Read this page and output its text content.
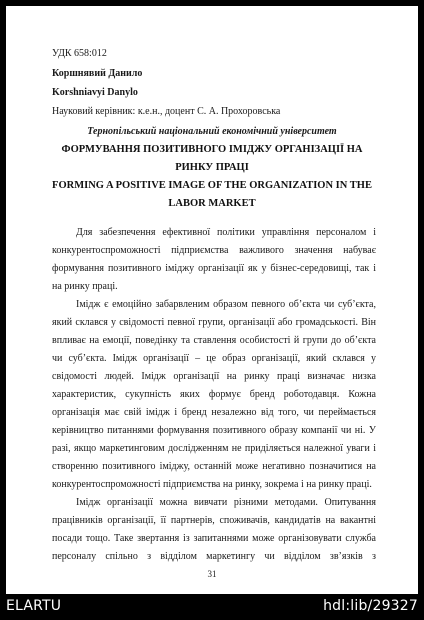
УДК 658:012
Коршнявий Данило
Korshniavyi Danylo
Науковий керівник: к.е.н., доцент С. А. Прохоровська
Тернопільський національний економічний університет
ФОРМУВАННЯ ПОЗИТИВНОГО ІМІДЖУ ОРГАНІЗАЦІЇ НА
РИНКУ ПРАЦІ
FORMING A POSITIVE IMAGE OF THE ORGANIZATION IN THE
LABOR MARKET
Для забезпечення ефективної політики управління персоналом і
конкурентоспроможності підприємства важливого значення набуває
формування позитивного іміджу організації як у бізнес-середовищі, так і
на ринку праці.
Імідж є емоційно забарвленим образом певного об’єкта чи суб’єкта,
який склався у свідомості певної групи, організації або громадськості. Він
впливає на емоції, поведінку та ставлення особистості й групи до об’єкта
чи суб’єкта. Імідж організації – це образ організації, який склався у
свідомості людей. Імідж організації на ринку праці визначає низка
характеристик, сукупність яких формує бренд роботодавця. Кожна
організація має свій імідж і бренд незалежно від того, чи переймається
керівництво питаннями формування позитивного образу компанії чи ні. У
разі, якщо маркетинговим дослідженням не приділяється належної уваги і
створенню позитивного іміджу, останній може негативно позначитися на
конкурентоспроможності підприємства на ринку, зокрема і на ринку праці.
Імідж організації можна вивчати різними методами. Опитування
працівників організації, її партнерів, споживачів, кандидатів на вакантні
посади тощо. Таке звертання із запитаннями може організовувати служба
персоналу спільно з відділом маркетингу чи відділом зв’язків з
31
ELARTU	hdl:lib/29327
